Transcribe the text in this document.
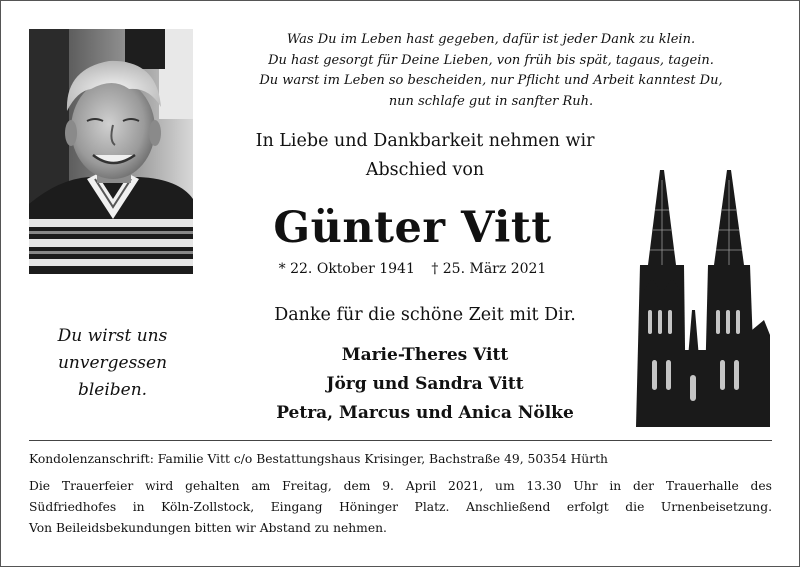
Was Du im Leben hast gegeben, dafür ist jeder Dank zu klein.
Du hast gesorgt für Deine Lieben, von früh bis spät, tagaus, tagein.
Du warst im Leben so bescheiden, nur Pflicht und Arbeit kanntest Du,
nun schlafe gut in sanfter Ruh.
In Liebe und Dankbarkeit nehmen wir
Abschied von
Günter Vitt
* 22. Oktober 1941 † 25. März 2021
Danke für die schöne Zeit mit Dir.
Marie-Theres Vitt
Jörg und Sandra Vitt
Petra, Marcus und Anica Nölke
Du wirst uns
unvergessen
bleiben.
Kondolenzanschrift: Familie Vitt c/o Bestattungshaus Krisinger, Bachstraße 49, 50354 Hürth
Die Trauerfeier wird gehalten am Freitag, dem 9. April 2021, um 13.30 Uhr in der Trauerhalle des
Südfriedhofes in Köln-Zollstock, Eingang Höninger Platz. Anschließend erfolgt die Urnenbeisetzung.
Von Beileidsbekundungen bitten wir Abstand zu nehmen.
